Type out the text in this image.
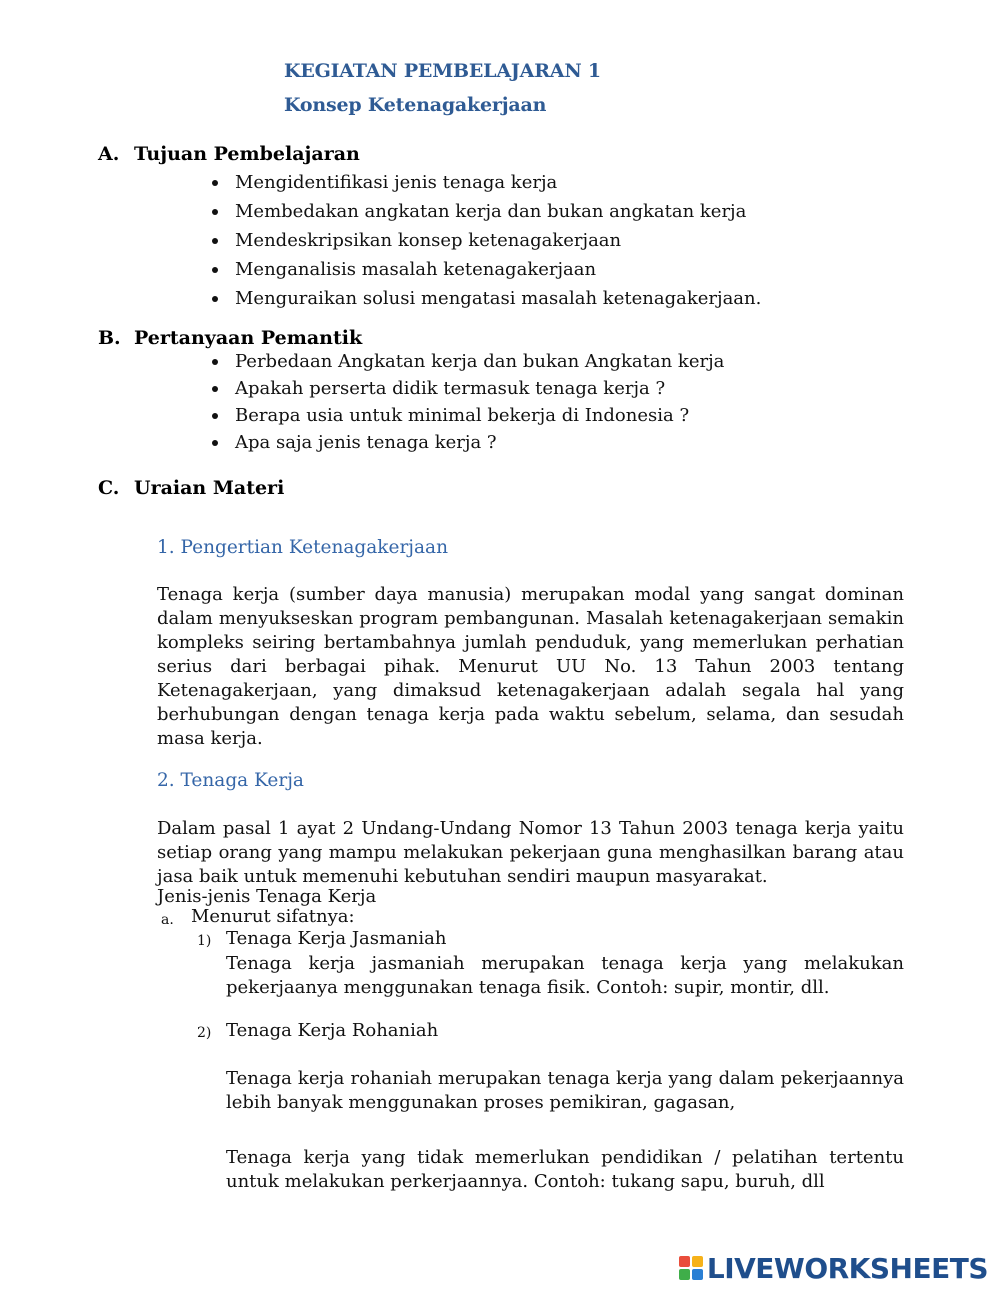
KEGIATAN PEMBELAJARAN 1
Konsep Ketenagakerjaan
A. Tujuan Pembelajaran
Mengidentifikasi jenis tenaga kerja
Membedakan angkatan kerja dan bukan angkatan kerja
Mendeskripsikan konsep ketenagakerjaan
Menganalisis masalah ketenagakerjaan
Menguraikan solusi mengatasi masalah ketenagakerjaan.
B. Pertanyaan Pemantik
Perbedaan Angkatan kerja dan bukan Angkatan kerja
Apakah perserta didik termasuk tenaga kerja ?
Berapa usia untuk minimal bekerja di Indonesia ?
Apa saja jenis tenaga kerja ?
C. Uraian Materi
1. Pengertian Ketenagakerjaan
Tenaga kerja (sumber daya manusia) merupakan modal yang sangat dominan dalam menyukseskan program pembangunan. Masalah ketenagakerjaan semakin kompleks seiring bertambahnya jumlah penduduk, yang memerlukan perhatian serius dari berbagai pihak. Menurut UU No. 13 Tahun 2003 tentang Ketenagakerjaan, yang dimaksud ketenagakerjaan adalah segala hal yang berhubungan dengan tenaga kerja pada waktu sebelum, selama, dan sesudah masa kerja.
2. Tenaga Kerja
Dalam pasal 1 ayat 2 Undang-Undang Nomor 13 Tahun 2003 tenaga kerja yaitu setiap orang yang mampu melakukan pekerjaan guna menghasilkan barang atau jasa baik untuk memenuhi kebutuhan sendiri maupun masyarakat.
Jenis-jenis Tenaga Kerja
a. Menurut sifatnya:
1) Tenaga Kerja Jasmaniah
Tenaga kerja jasmaniah merupakan tenaga kerja yang melakukan pekerjaanya menggunakan tenaga fisik. Contoh: supir, montir, dll.
2) Tenaga Kerja Rohaniah
Tenaga kerja rohaniah merupakan tenaga kerja yang dalam pekerjaannya lebih banyak menggunakan proses pemikiran, gagasan,
Tenaga kerja yang tidak memerlukan pendidikan / pelatihan tertentu untuk melakukan perkerjaannya. Contoh: tukang sapu, buruh, dll
LIVEWORKSHEETS
